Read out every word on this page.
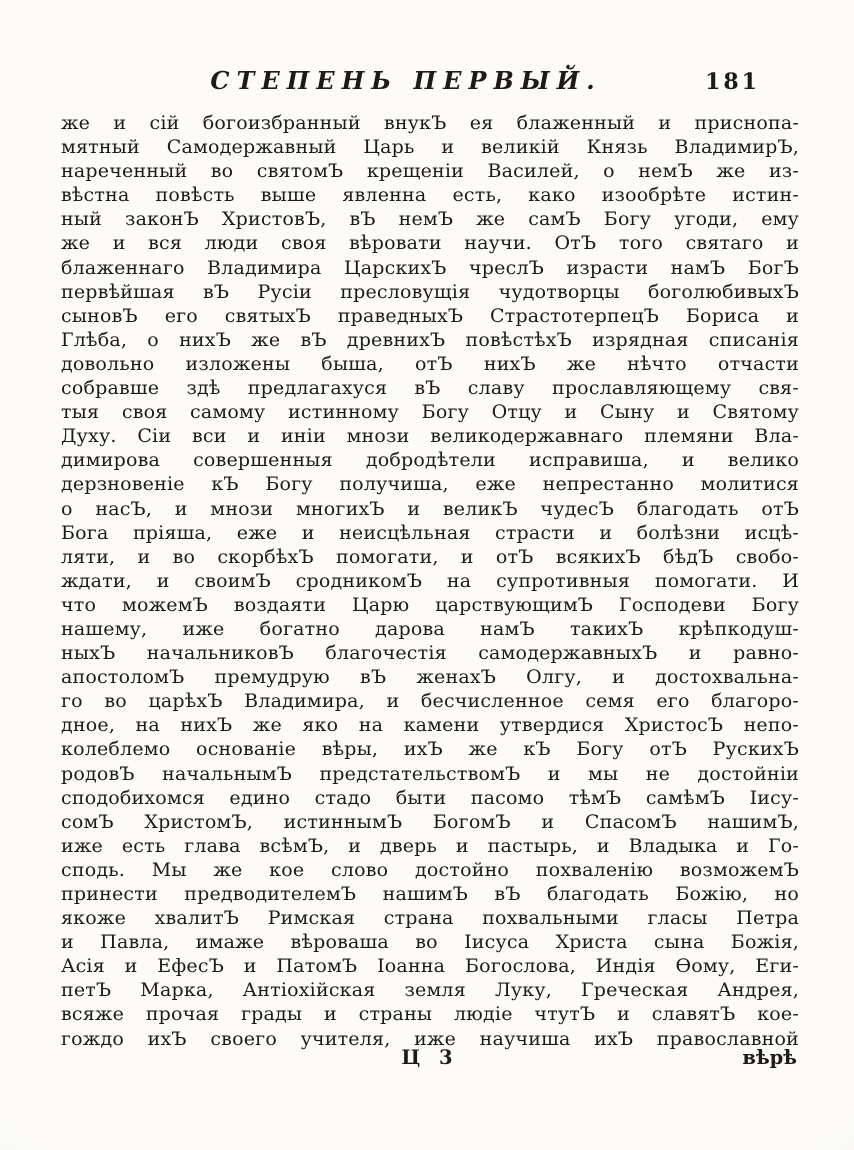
СТЕПЕНЬ ПЕРВЫЙ.	181
же и сій богоизбранный внукЪ ея блаженный и приснопа-
мятный Самодержавный Царь и великій Князь ВладимирЪ,
нареченный во святомЪ крещеніи Василей, о немЪ же из-
вѣстна повѣсть выше явленна есть, како изообрѣте истин-
ный законЪ ХристовЪ, вЪ немЪ же самЪ Богу угоди, ему
же и вся люди своя вѣровати научи. ОтЪ того святаго и
блаженнаго Владимира ЦарскихЪ чреслЪ израсти намЪ БогЪ
первѣйшая вЪ Русіи пресловущія чудотворцы боголюбивыхЪ
сыновЪ его святыхЪ праведныхЪ СтрастотерпецЪ Бориса и
Глѣба, о нихЪ же вЪ древнихЪ повѣстѣхЪ изрядная списанія
довольно изложены быша, отЪ нихЪ же нѣчто отчасти
собравше здѣ предлагахуся вЪ славу прославляющему свя-
тыя своя самому истинному Богу Отцу и Сыну и Святому
Духу. Сіи вси и иніи мнози великодержавнаго племяни Вла-
димирова совершенныя добродѣтели исправиша, и велико
дерзновеніе кЪ Богу получиша, еже непрестанно молитися
о насЪ, и мнози многихЪ и великЪ чудесЪ благодать отЪ
Бога пріяша, еже и неисцѣльная страсти и болѣзни исцѣ-
ляти, и во скорбѣхЪ помогати, и отЪ всякихЪ бѣдЪ свобо-
ждати, и своимЪ сродникомЪ на супротивныя помогати. И
что можемЪ воздаяти Царю царствующимЪ Господеви Богу
нашему, иже богатно дарова намЪ такихЪ крѣпкодуш-
ныхЪ начальниковЪ благочестія самодержавныхЪ и равно-
апостоломЪ премудрую вЪ женахЪ Олгу, и достохвальна-
го во царѣхЪ Владимира, и бесчисленное семя его благоро-
дное, на нихЪ же яко на камени утвердися ХристосЪ непо-
колеблемо основаніе вѣры, ихЪ же кЪ Богу отЪ РускихЪ
родовЪ начальнымЪ предстательствомЪ и мы не достойніи
сподобихомся едино стадо быти пасомо тѣмЪ самѣмЪ Іису-
сомЪ ХристомЪ, истиннымЪ БогомЪ и СпасомЪ нашимЪ,
иже есть глава всѣмЪ, и дверь и пастырь, и Владыка и Го-
сподь. Мы же кое слово достойно похваленію возможемЪ
принести предводителемЪ нашимЪ вЪ благодать Божію, но
якоже хвалитЪ Римская страна похвальными гласы Петра
и Павла, имаже вѣроваша во Іисуса Христа сына Божія,
Асія и ЕфесЪ и ПатомЪ Іоанна Богослова, Индія Ѳому, Еги-
петЪ Марка, Антіохійская земля Луку, Греческая Андрея,
всяже прочая грады и страны людіе чтутЪ и славятЪ кое-
гождо ихЪ своего учителя, иже научиша ихЪ православной
Ц 3	вѣрѣ
